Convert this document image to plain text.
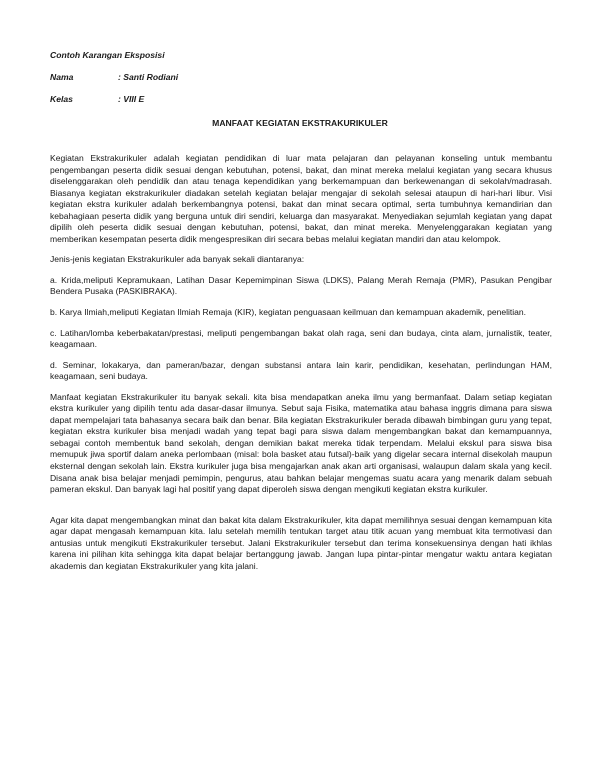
Contoh Karangan Eksposisi
Nama	: Santi Rodiani
Kelas	: VIII E
MANFAAT KEGIATAN EKSTRAKURIKULER

Kegiatan Ekstrakurikuler adalah kegiatan pendidikan di luar mata pelajaran dan pelayanan konseling untuk membantu pengembangan peserta didik sesuai dengan kebutuhan, potensi, bakat, dan minat mereka melalui kegiatan yang secara khusus diselenggarakan oleh pendidik dan atau tenaga kependidikan yang berkemampuan dan berkewenangan di sekolah/madrasah. Biasanya kegiatan ekstrakurikuler diadakan setelah kegiatan belajar mengajar di sekolah selesai ataupun di hari-hari libur. Visi kegiatan ekstra kurikuler adalah berkembangnya potensi, bakat dan minat secara optimal, serta tumbuhnya kemandirian dan kebahagiaan peserta didik yang berguna untuk diri sendiri, keluarga dan masyarakat. Menyediakan sejumlah kegiatan yang dapat dipilih oleh peserta didik sesuai dengan kebutuhan, potensi, bakat, dan minat mereka. Menyelenggarakan kegiatan yang memberikan kesempatan peserta didik mengespresikan diri secara bebas melalui kegiatan mandiri dan atau kelompok.

Jenis-jenis kegiatan Ekstrakurikuler ada banyak sekali diantaranya:

a. Krida,meliputi Kepramukaan, Latihan Dasar Kepemimpinan Siswa (LDKS), Palang Merah Remaja (PMR), Pasukan Pengibar Bendera Pusaka (PASKIBRAKA).

b. Karya Ilmiah,meliputi Kegiatan Ilmiah Remaja (KIR), kegiatan penguasaan keilmuan dan kemampuan akademik, penelitian.

c. Latihan/lomba keberbakatan/prestasi, meliputi pengembangan bakat olah raga, seni dan budaya, cinta alam, jurnalistik, teater, keagamaan.

d. Seminar, lokakarya, dan pameran/bazar, dengan substansi antara lain karir, pendidikan, kesehatan, perlindungan HAM, keagamaan, seni budaya.

Manfaat kegiatan Ekstrakurikuler itu banyak sekali. kita bisa mendapatkan aneka ilmu yang bermanfaat. Dalam setiap kegiatan ekstra kurikuler yang dipilih tentu ada dasar-dasar ilmunya. Sebut saja Fisika, matematika atau bahasa inggris dimana para siswa dapat mempelajari tata bahasanya secara baik dan benar. Bila kegiatan Ekstrakurikuler berada dibawah bimbingan guru yang tepat, kegiatan ekstra kurikuler bisa menjadi wadah yang tepat bagi para siswa dalam mengembangkan bakat dan kemampuannya, sebagai contoh membentuk band sekolah, dengan demikian bakat mereka tidak terpendam. Melalui ekskul para siswa bisa memupuk jiwa sportif dalam aneka perlombaan (misal: bola basket atau futsal)-baik yang digelar secara internal disekolah maupun eksternal dengan sekolah lain. Ekstra kurikuler juga bisa mengajarkan anak akan arti organisasi, walaupun dalam skala yang kecil. Disana anak bisa belajar menjadi pemimpin, pengurus, atau bahkan belajar mengemas suatu acara yang menarik dalam sebuah pameran ekskul. Dan banyak lagi hal positif yang dapat diperoleh siswa dengan mengikuti kegiatan ekstra kurikuler.

Agar kita dapat mengembangkan minat dan bakat kita dalam Ekstrakurikuler, kita dapat memilihnya sesuai dengan kemampuan kita agar dapat mengasah kemampuan kita. lalu setelah memilih tentukan target atau titik acuan yang membuat kita termotivasi dan antusias untuk mengikuti Ekstrakurikuler tersebut. Jalani Ekstrakurikuler tersebut dan terima konsekuensinya dengan hati ikhlas karena ini pilihan kita sehingga kita dapat belajar bertanggung jawab. Jangan lupa pintar-pintar mengatur waktu antara kegiatan akademis dan kegiatan Ekstrakurikuler yang kita jalani.
